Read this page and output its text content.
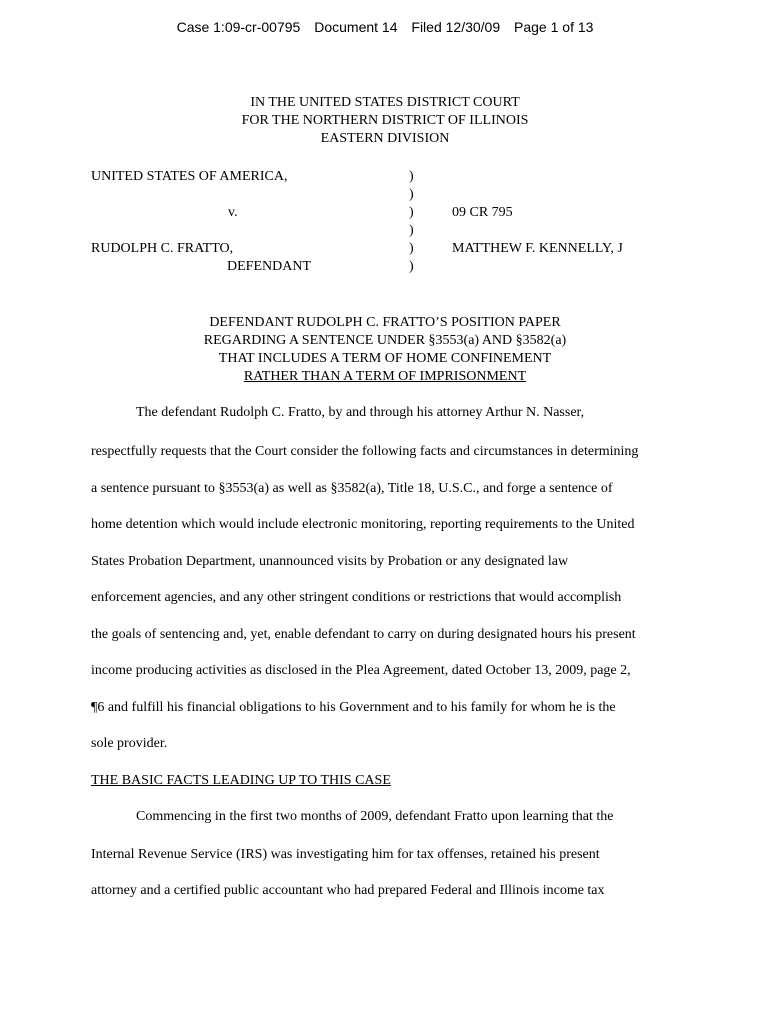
Case 1:09-cr-00795 Document 14 Filed 12/30/09 Page 1 of 13
IN THE UNITED STATES DISTRICT COURT
FOR THE NORTHERN DISTRICT OF ILLINOIS
EASTERN DIVISION
UNITED STATES OF AMERICA,
v.
RUDOLPH C. FRATTO,
DEFENDANT
)
)
)
)
)
)
09 CR 795
MATTHEW F. KENNELLY, J
DEFENDANT RUDOLPH C. FRATTO’S POSITION PAPER
REGARDING A SENTENCE UNDER §3553(a) AND §3582(a)
THAT INCLUDES A TERM OF HOME CONFINEMENT
RATHER THAN A TERM OF IMPRISONMENT
The defendant Rudolph C. Fratto, by and through his attorney Arthur N. Nasser,
respectfully requests that the Court consider the following facts and circumstances in determining
a sentence pursuant to §3553(a) as well as §3582(a), Title 18, U.S.C., and forge a sentence of
home detention which would include electronic monitoring, reporting requirements to the United
States Probation Department, unannounced visits by Probation or any designated law
enforcement agencies, and any other stringent conditions or restrictions that would accomplish
the goals of sentencing and, yet, enable defendant to carry on during designated hours his present
income producing activities as disclosed in the Plea Agreement, dated October 13, 2009, page 2,
¶6 and fulfill his financial obligations to his Government and to his family for whom he is the
sole provider.
THE BASIC FACTS LEADING UP TO THIS CASE
Commencing in the first two months of 2009, defendant Fratto upon learning that the
Internal Revenue Service (IRS) was investigating him for tax offenses, retained his present
attorney and a certified public accountant who had prepared Federal and Illinois income tax
